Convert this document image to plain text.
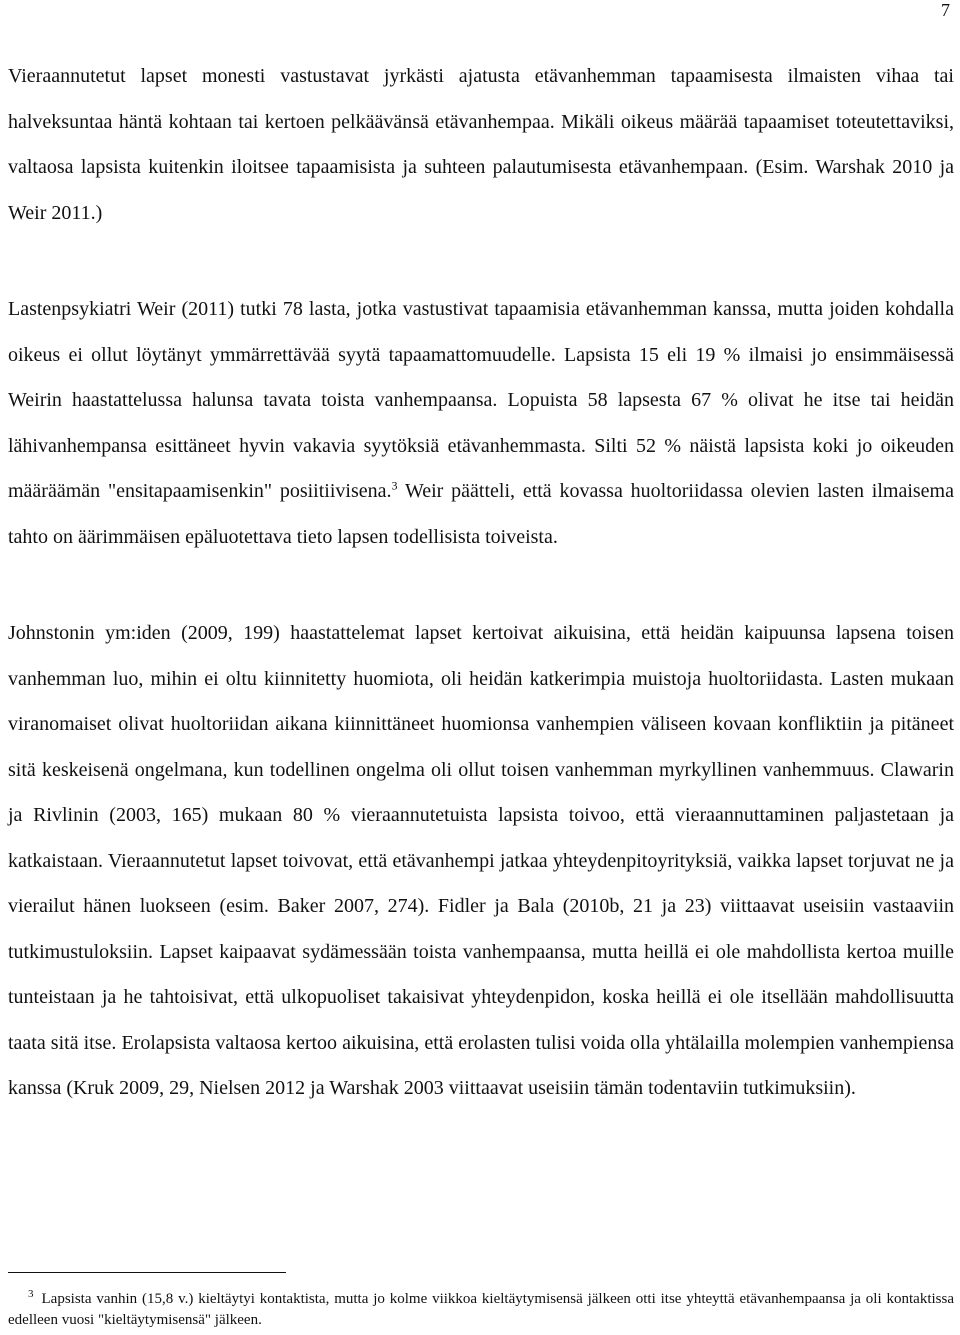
7

Vieraannutetut lapset monesti vastustavat jyrkästi ajatusta etävanhemman tapaamisesta ilmaisten vihaa tai halveksuntaa häntä kohtaan tai kertoen pelkäävänsä etävanhempaa. Mikäli oikeus määrää tapaamiset toteutettaviksi, valtaosa lapsista kuitenkin iloitsee tapaamisista ja suhteen palautumisesta etävanhempaan. (Esim. Warshak 2010 ja Weir 2011.)

Lastenpsykiatri Weir (2011) tutki 78 lasta, jotka vastustivat tapaamisia etävanhemman kanssa, mutta joiden kohdalla oikeus ei ollut löytänyt ymmärrettävää syytä tapaamattomuudelle. Lapsista 15 eli 19 % ilmaisi jo ensimmäisessä Weirin haastattelussa halunsa tavata toista vanhempaansa. Lopuista 58 lapsesta 67 % olivat he itse tai heidän lähivanhempansa esittäneet hyvin vakavia syytöksiä etävanhemmasta. Silti 52 % näistä lapsista koki jo oikeuden määräämän "ensitapaamisenkin" posiitiivisena.$^3$ Weir päätteli, että kovassa huoltoriidassa olevien lasten ilmaisema tahto on äärimmäisen epäluotettava tieto lapsen todellisista toiveista.

Johnstonin ym:iden (2009, 199) haastattelemat lapset kertoivat aikuisina, että heidän kaipuunsa lapsena toisen vanhemman luo, mihin ei oltu kiinnitetty huomiota, oli heidän katkerimpia muistoja huoltoriidasta. Lasten mukaan viranomaiset olivat huoltoriidan aikana kiinnittäneet huomionsa vanhempien väliseen kovaan konfliktiin ja pitäneet sitä keskeisenä ongelmana, kun todellinen ongelma oli ollut toisen vanhemman myrkyllinen vanhemmuus. Clawarin ja Rivlinin (2003, 165) mukaan 80 % vieraannutetuista lapsista toivoo, että vieraannuttaminen paljastetaan ja katkaistaan. Vieraannutetut lapset toivovat, että etävanhempi jatkaa yhteydenpitoyrityksiä, vaikka lapset torjuvat ne ja vierailut hänen luokseen (esim. Baker 2007, 274). Fidler ja Bala (2010b, 21 ja 23) viittaavat useisiin vastaaviin tutkimustuloksiin. Lapset kaipaavat sydämessään toista vanhempaansa, mutta heillä ei ole mahdollista kertoa muille tunteistaan ja he tahtoisivat, että ulkopuoliset takaisivat yhteydenpidon, koska heillä ei ole itsellään mahdollisuutta taata sitä itse. Erolapsista valtaosa kertoo aikuisina, että erolasten tulisi voida olla yhtälailla molempien vanhempiensa kanssa (Kruk 2009, 29, Nielsen 2012 ja Warshak 2003 viittaavat useisiin tämän todentaviin tutkimuksiin).

$^3$ Lapsista vanhin (15,8 v.) kieltäytyi kontaktista, mutta jo kolme viikkoa kieltäytymisensä jälkeen otti itse yhteyttä etävanhempaansa ja oli kontaktissa edelleen vuosi "kieltäytymisensä" jälkeen.
